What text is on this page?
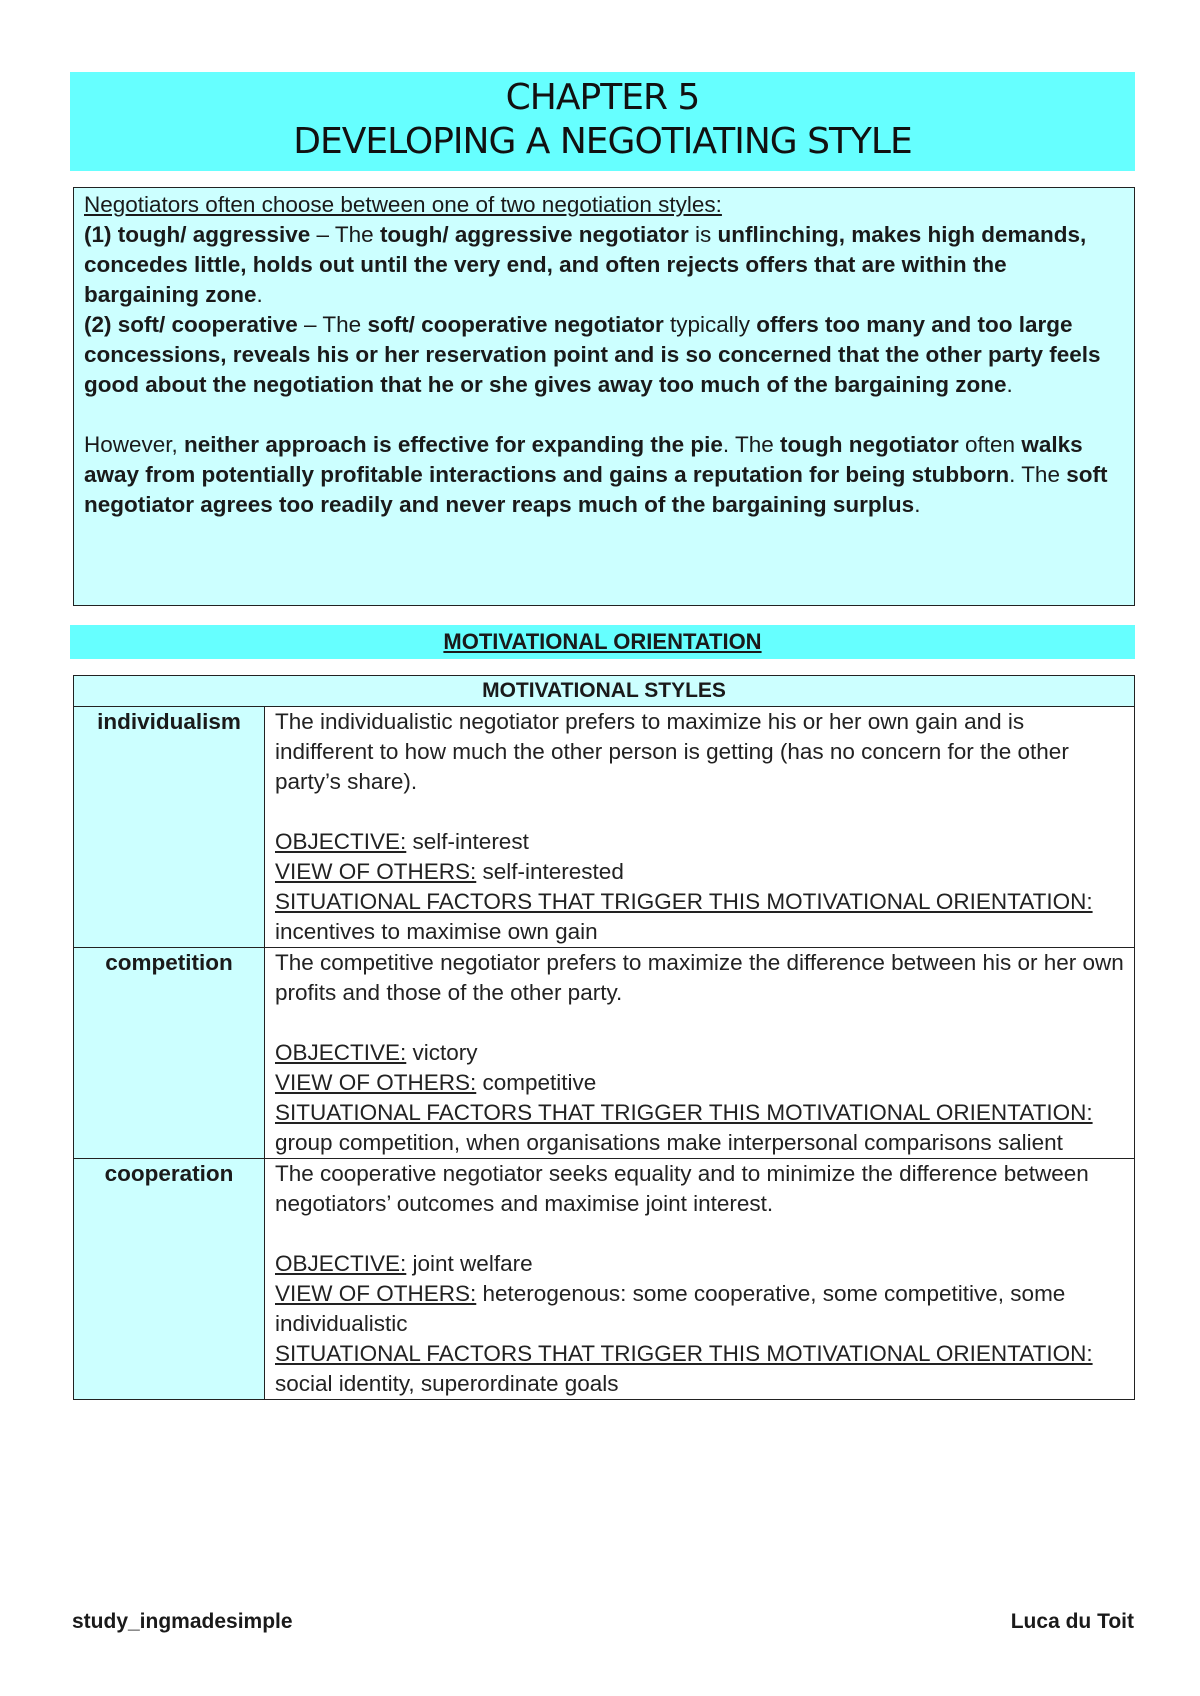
CHAPTER 5
DEVELOPING A NEGOTIATING STYLE

Negotiators often choose between one of two negotiation styles:

(1) tough/ aggressive – The tough/ aggressive negotiator is unflinching, makes high demands, concedes little, holds out until the very end, and often rejects offers that are within the bargaining zone.

(2) soft/ cooperative – The soft/ cooperative negotiator typically offers too many and too large concessions, reveals his or her reservation point and is so concerned that the other party feels good about the negotiation that he or she gives away too much of the bargaining zone.

However, neither approach is effective for expanding the pie. The tough negotiator often walks away from potentially profitable interactions and gains a reputation for being stubborn. The soft negotiator agrees too readily and never reaps much of the bargaining surplus.

MOTIVATIONAL ORIENTATION
MOTIVATIONAL STYLES	
individualism	The individualistic negotiator prefers to maximize his or her own gain and is indifferent to how much the other person is getting (has no concern for the other party’s share).

OBJECTIVE: self-interest

VIEW OF OTHERS: self-interested

SITUATIONAL FACTORS THAT TRIGGER THIS MOTIVATIONAL ORIENTATION:

incentives to maximise own gain

competition	The competitive negotiator prefers to maximize the difference between his or her own profits and those of the other party.

OBJECTIVE: victory

VIEW OF OTHERS: competitive

SITUATIONAL FACTORS THAT TRIGGER THIS MOTIVATIONAL ORIENTATION:

group competition, when organisations make interpersonal comparisons salient

cooperation	The cooperative negotiator seeks equality and to minimize the difference between negotiators’ outcomes and maximise joint interest.

OBJECTIVE: joint welfare

VIEW OF OTHERS: heterogenous: some cooperative, some competitive, some individualistic

SITUATIONAL FACTORS THAT TRIGGER THIS MOTIVATIONAL ORIENTATION:

social identity, superordinate goals

study_ingmadesimple	Luca du Toit
